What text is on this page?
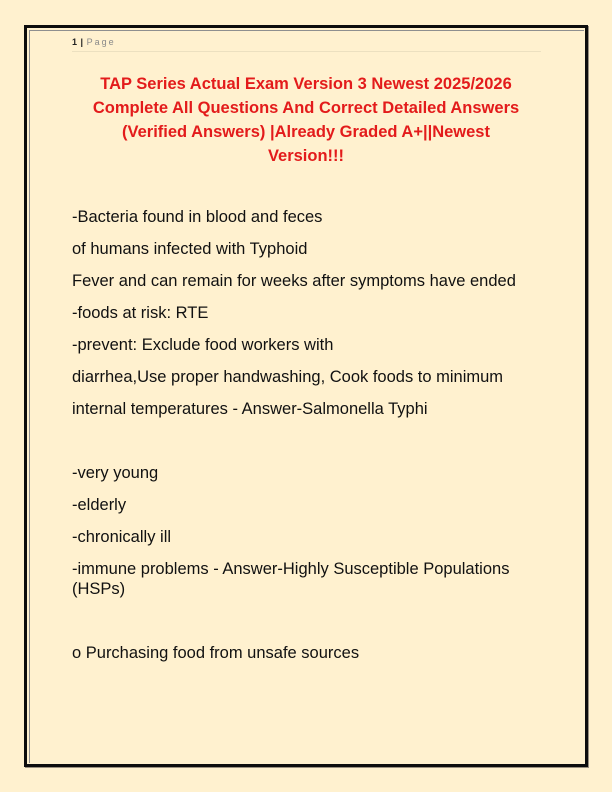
1 | Page
TAP Series Actual Exam Version 3 Newest 2025/2026
Complete All Questions And Correct Detailed Answers
(Verified Answers) |Already Graded A+||Newest
Version!!!

-Bacteria found in blood and feces

of humans infected with Typhoid

Fever and can remain for weeks after symptoms have ended

-foods at risk: RTE

-prevent: Exclude food workers with

diarrhea,Use proper handwashing, Cook foods to minimum

internal temperatures - Answer-Salmonella Typhi

-very young

-elderly

-chronically ill

-immune problems - Answer-Highly Susceptible Populations (HSPs)

o Purchasing food from unsafe sources
